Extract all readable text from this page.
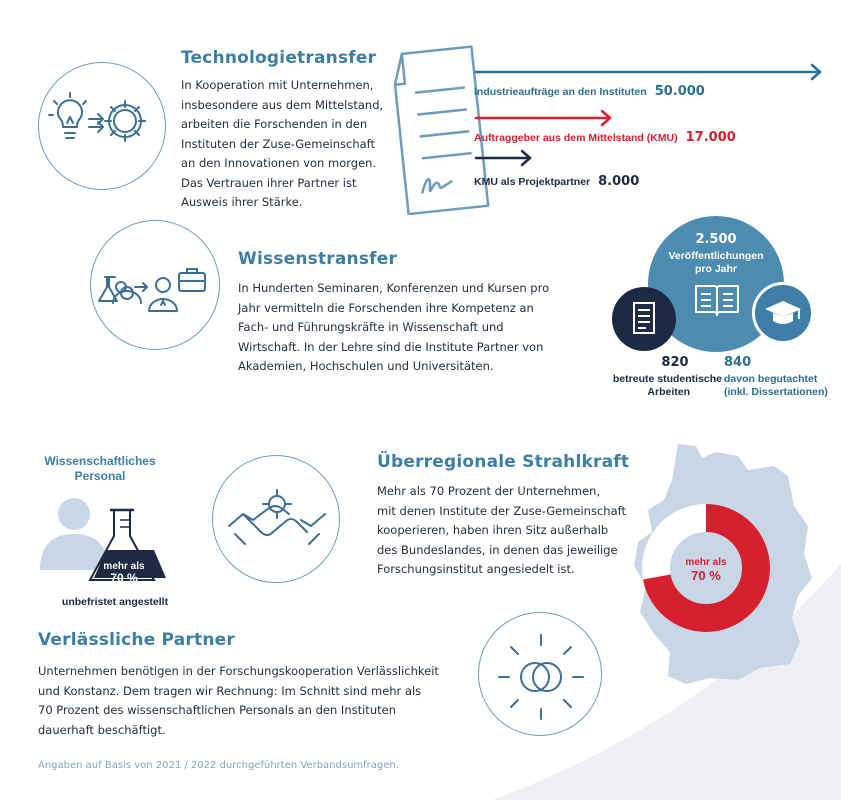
Technologietransfer
In Kooperation mit Unternehmen,
insbesondere aus dem Mittelstand,
arbeiten die Forschenden in den
Instituten der Zuse-Gemeinschaft
an den Innovationen von morgen.
Das Vertrauen ihrer Partner ist
Ausweis ihrer Stärke.
Industrieaufträge an den Instituten 50.000
Auftraggeber aus dem Mittelstand (KMU) 17.000
KMU als Projektpartner 8.000
Wissenstransfer
In Hunderten Seminaren, Konferenzen und Kursen pro
Jahr vermitteln die Forschenden ihre Kompetenz an
Fach- und Führungskräfte in Wissenschaft und
Wirtschaft. In der Lehre sind die Institute Partner von
Akademien, Hochschulen und Universitäten.
2.500
Veröffentlichungen
pro Jahr
820
betreute studentische
Arbeiten
840
davon begutachtet
(inkl. Dissertationen)
Wissenschaftliches
Personal
mehr als
70 %
unbefristet angestellt
Überregionale Strahlkraft
Mehr als 70 Prozent der Unternehmen,
mit denen Institute der Zuse-Gemeinschaft
kooperieren, haben ihren Sitz außerhalb
des Bundeslandes, in denen das jeweilige
Forschungsinstitut angesiedelt ist.	mehr als
70 %
Verlässliche Partner
Unternehmen benötigen in der Forschungskooperation Verlässlichkeit
und Konstanz. Dem tragen wir Rechnung: Im Schnitt sind mehr als
70 Prozent des wissenschaftlichen Personals an den Instituten
dauerhaft beschäftigt.
Angaben auf Basis von 2021 / 2022 durchgeführten Verbandsumfragen.
